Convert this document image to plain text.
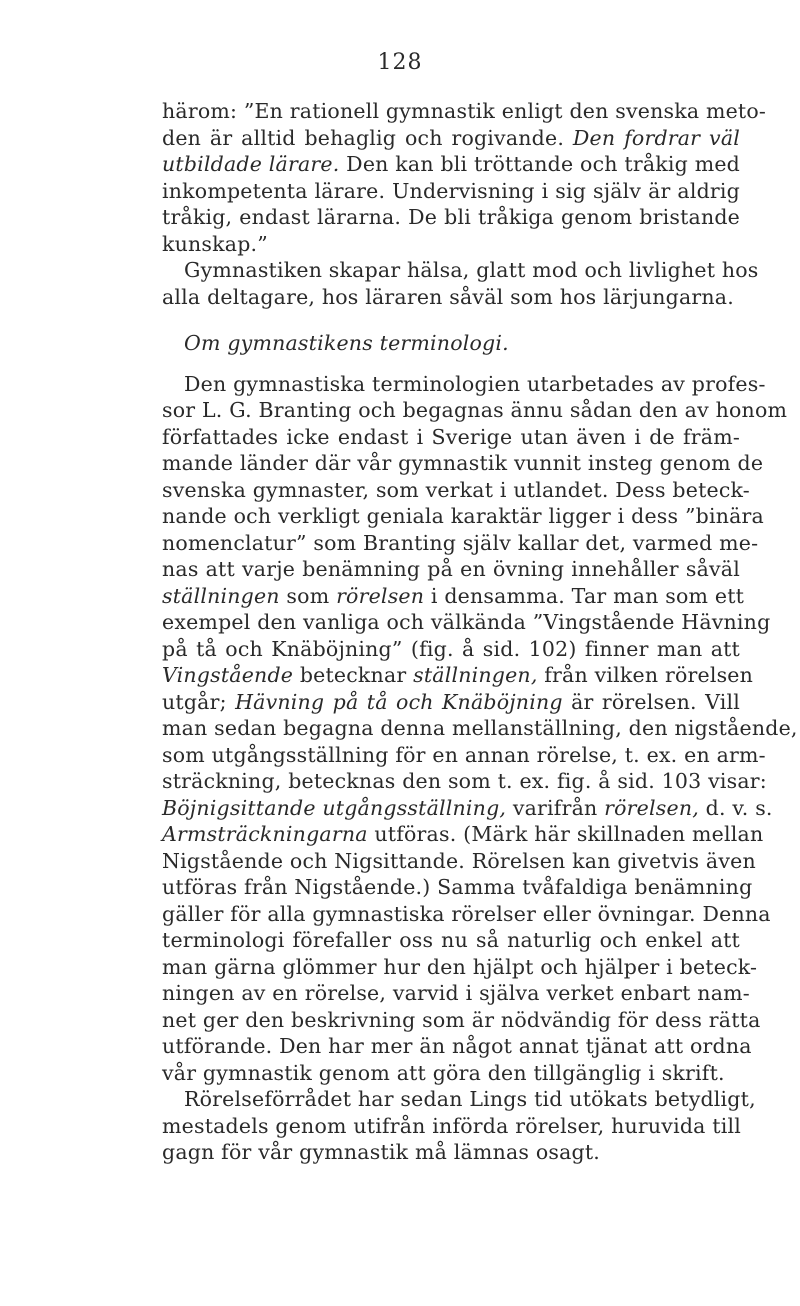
128
härom: ”En rationell gymnastik enligt den svenska meto-
den är alltid behaglig och rogivande. Den fordrar väl
utbildade lärare. Den kan bli tröttande och tråkig med
inkompetenta lärare. Undervisning i sig själv är aldrig
tråkig, endast lärarna. De bli tråkiga genom bristande
kunskap.”
Gymnastiken skapar hälsa, glatt mod och livlighet hos
alla deltagare, hos läraren såväl som hos lärjungarna.
Om gymnastikens terminologi.
Den gymnastiska terminologien utarbetades av profes-
sor L. G. Branting och begagnas ännu sådan den av honom
författades icke endast i Sverige utan även i de främ-
mande länder där vår gymnastik vunnit insteg genom de
svenska gymnaster, som verkat i utlandet. Dess beteck-
nande och verkligt geniala karaktär ligger i dess ”binära
nomenclatur” som Branting själv kallar det, varmed me-
nas att varje benämning på en övning innehåller såväl
ställningen som rörelsen i densamma. Tar man som ett
exempel den vanliga och välkända ”Vingstående Hävning
på tå och Knäböjning” (fig. å sid. 102) finner man att
Vingstående betecknar ställningen, från vilken rörelsen
utgår; Hävning på tå och Knäböjning är rörelsen. Vill
man sedan begagna denna mellanställning, den nigstående,
som utgångsställning för en annan rörelse, t. ex. en arm-
sträckning, betecknas den som t. ex. fig. å sid. 103 visar:
Böjnigsittande utgångsställning, varifrån rörelsen, d. v. s.
Armsträckningarna utföras. (Märk här skillnaden mellan
Nigstående och Nigsittande. Rörelsen kan givetvis även
utföras från Nigstående.) Samma tvåfaldiga benämning
gäller för alla gymnastiska rörelser eller övningar. Denna
terminologi förefaller oss nu så naturlig och enkel att
man gärna glömmer hur den hjälpt och hjälper i beteck-
ningen av en rörelse, varvid i själva verket enbart nam-
net ger den beskrivning som är nödvändig för dess rätta
utförande. Den har mer än något annat tjänat att ordna
vår gymnastik genom att göra den tillgänglig i skrift.
Rörelseförrådet har sedan Lings tid utökats betydligt,
mestadels genom utifrån införda rörelser, huruvida till
gagn för vår gymnastik må lämnas osagt.
